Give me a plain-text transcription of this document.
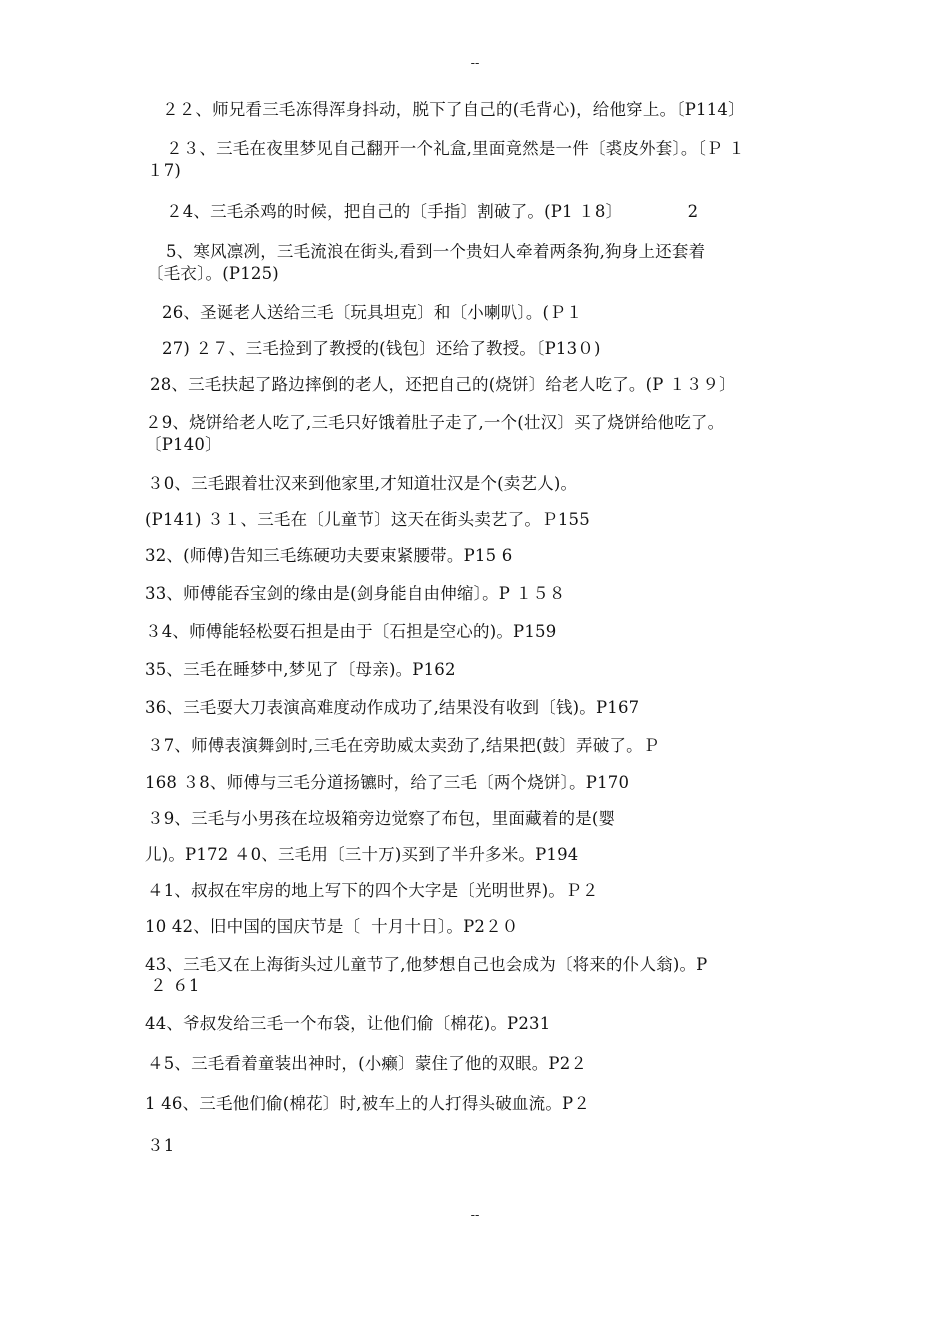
--
２２、师兄看三毛冻得浑身抖动，脱下了自己的(毛背心)，给他穿上。〔P114〕
２３、三毛在夜里梦见自己翻开一个礼盒,里面竟然是一件〔裘皮外套〕。〔Ｐ １
１7)
２4、三毛杀鸡的时候，把自己的〔手指〕割破了。(P1 １8〕            2
5、寒风凛冽，三毛流浪在街头,看到一个贵妇人牵着两条狗,狗身上还套着
〔毛衣〕。(P125)
26、圣诞老人送给三毛〔玩具坦克〕和〔小喇叭〕。(Ｐ１
27) ２７、三毛捡到了教授的(钱包〕还给了教授。〔P13０)
28、三毛扶起了路边摔倒的老人，还把自己的(烧饼〕给老人吃了。(P １３９〕
２9、烧饼给老人吃了,三毛只好饿着肚子走了,一个(壮汉〕买了烧饼给他吃了。
〔P140〕
３0、三毛跟着壮汉来到他家里,才知道壮汉是个(卖艺人)。
(P141) ３１、三毛在〔儿童节〕这天在街头卖艺了。Ｐ155
32、(师傅)告知三毛练硬功夫要束紧腰带。P15 6
33、师傅能吞宝剑的缘由是(剑身能自由伸缩〕。P １５８
３4、师傅能轻松耍石担是由于〔石担是空心的)。P159
35、三毛在睡梦中,梦见了〔母亲)。P162
36、三毛耍大刀表演高难度动作成功了,结果没有收到〔钱)。P167
３7、师傅表演舞剑时,三毛在旁助威太卖劲了,结果把(鼓〕弄破了。Ｐ
168 ３8、师傅与三毛分道扬镳时，给了三毛〔两个烧饼〕。P170
３9、三毛与小男孩在垃圾箱旁边觉察了布包，里面藏着的是(婴
儿)。P172 ４0、三毛用〔三十万)买到了半升多米。P194
４1、叔叔在牢房的地上写下的四个大字是〔光明世界)。Ｐ２
10 42、旧中国的国庆节是〔  十月十日〕。P2２０
43、三毛又在上海街头过儿童节了,他梦想自己也会成为〔将来的仆人翁)。P
２ ６1
44、爷叔发给三毛一个布袋，让他们偷〔棉花)。P231
４5、三毛看着童装出神时，(小癞〕蒙住了他的双眼。P2２
1 46、三毛他们偷(棉花〕时,被车上的人打得头破血流。P２
３1
--
